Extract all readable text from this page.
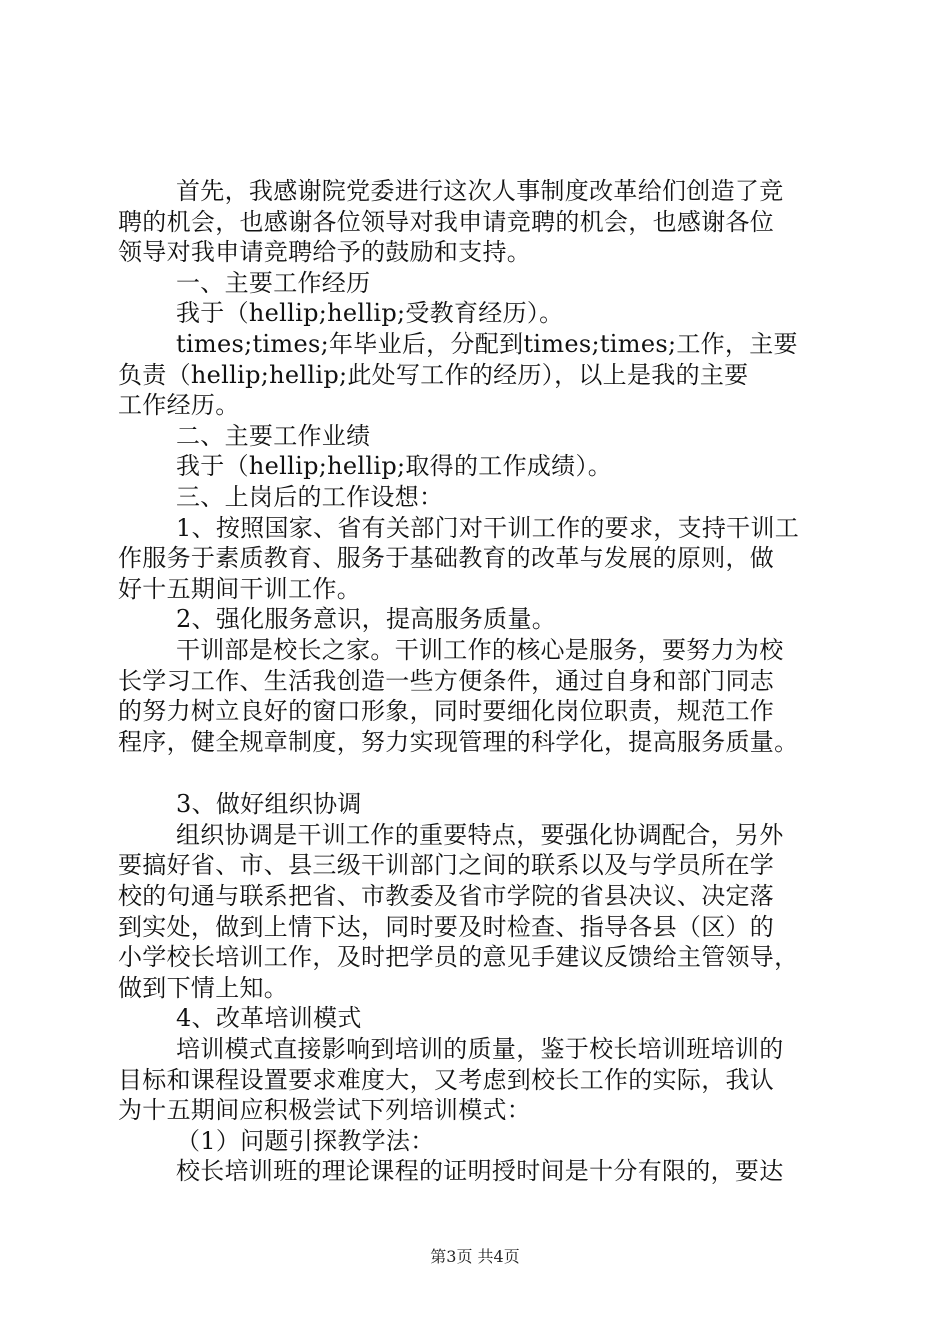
首先，我感谢院党委进行这次人事制度改革给们创造了竞
聘的机会，也感谢各位领导对我申请竞聘的机会，也感谢各位
领导对我申请竞聘给予的鼓励和支持。
一、主要工作经历
我于（hellip;hellip;受教育经历）。
times;times;年毕业后，分配到times;times;工作，主要
负责（hellip;hellip;此处写工作的经历），以上是我的主要
工作经历。
二、主要工作业绩
我于（hellip;hellip;取得的工作成绩）。
三、上岗后的工作设想：
1、按照国家、省有关部门对干训工作的要求，支持干训工
作服务于素质教育、服务于基础教育的改革与发展的原则，做
好十五期间干训工作。
2、强化服务意识，提高服务质量。
干训部是校长之家。干训工作的核心是服务，要努力为校
长学习工作、生活我创造一些方便条件，通过自身和部门同志
的努力树立良好的窗口形象，同时要细化岗位职责，规范工作
程序，健全规章制度，努力实现管理的科学化，提高服务质量。
3、做好组织协调
组织协调是干训工作的重要特点，要强化协调配合，另外
要搞好省、市、县三级干训部门之间的联系以及与学员所在学
校的句通与联系把省、市教委及省市学院的省县决议、决定落
到实处，做到上情下达，同时要及时检查、指导各县（区）的
小学校长培训工作，及时把学员的意见手建议反馈给主管领导，
做到下情上知。
4、改革培训模式
培训模式直接影响到培训的质量，鉴于校长培训班培训的
目标和课程设置要求难度大，又考虑到校长工作的实际，我认
为十五期间应积极尝试下列培训模式：
（1）问题引探教学法：
校长培训班的理论课程的证明授时间是十分有限的，要达
第3页 共4页
